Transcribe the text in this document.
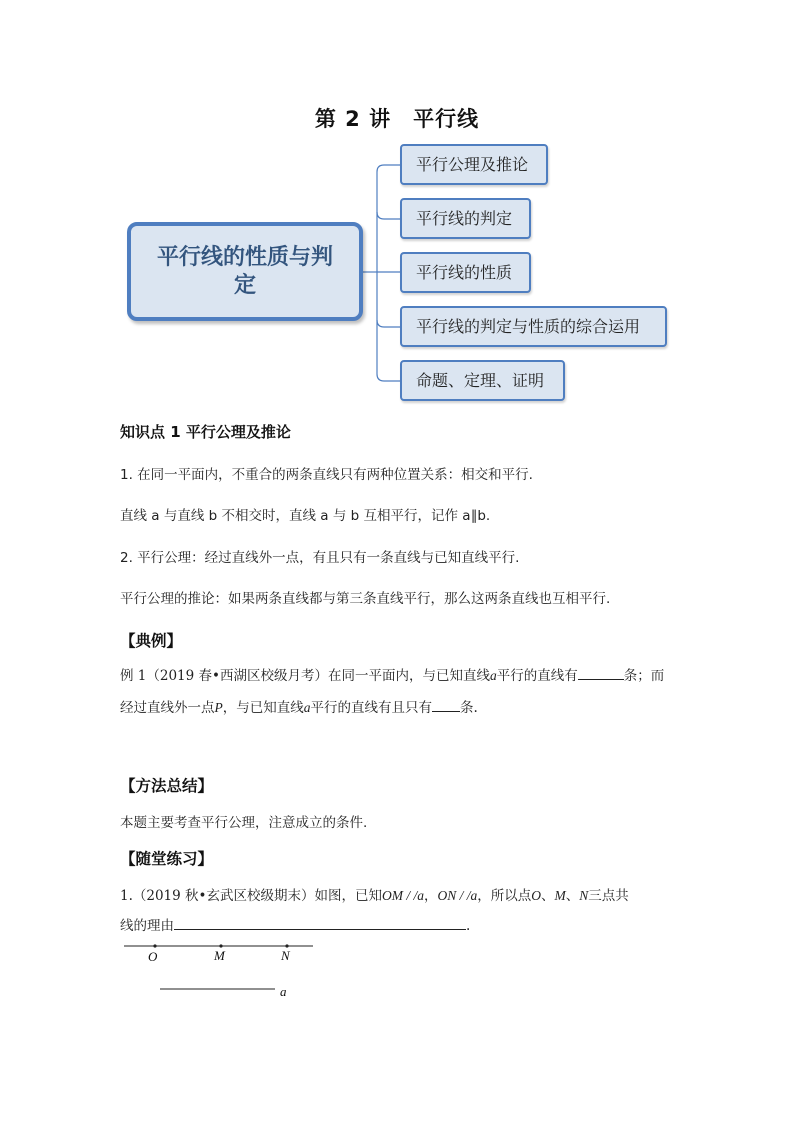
第 2 讲 平行线
平行线的性质与判定
平行公理及推论
平行线的判定
平行线的性质
平行线的判定与性质的综合运用
命题、定理、证明
知识点 1 平行公理及推论
1. 在同一平面内，不重合的两条直线只有两种位置关系：相交和平行.
直线 a 与直线 b 不相交时，直线 a 与 b 互相平行，记作 a∥b.
2. 平行公理：经过直线外一点，有且只有一条直线与已知直线平行.
平行公理的推论：如果两条直线都与第三条直线平行，那么这两条直线也互相平行.
【典例】
例 1（2019 春•西湖区校级月考）在同一平面内，与已知直线a平行的直线有	条；而
经过直线外一点P，与已知直线a平行的直线有且只有 条.
【方法总结】
本题主要考查平行公理，注意成立的条件.
【随堂练习】
1.（2019 秋•玄武区校级期末）如图，已知OM / /a，ON / /a，所以点O、M、N三点共
线的理由	.
O	M	N
a
